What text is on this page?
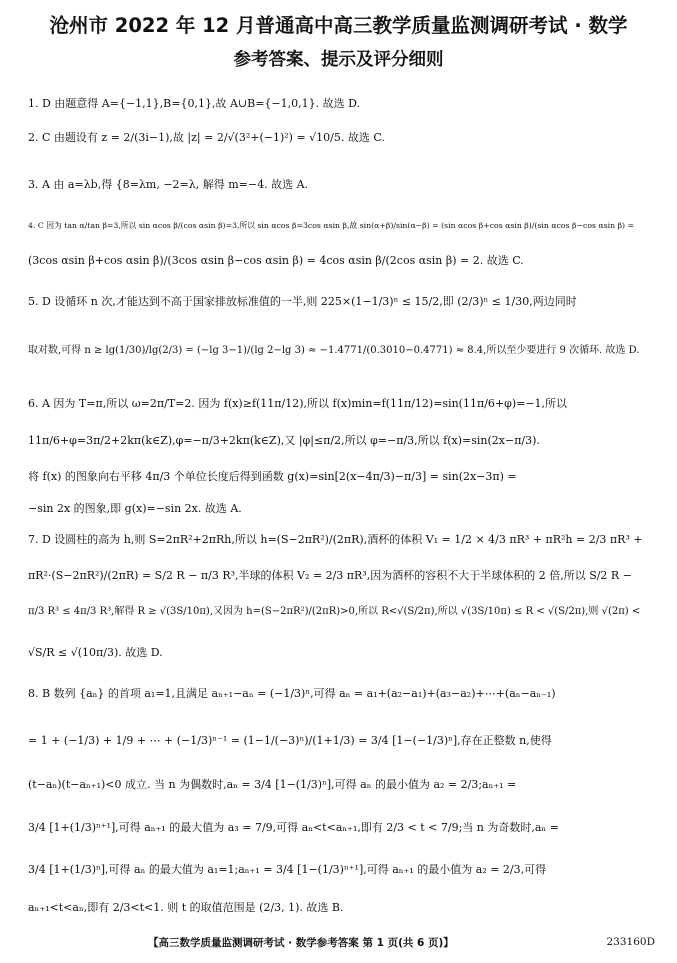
沧州市 2022 年 12 月普通高中高三教学质量监测调研考试 · 数学
参考答案、提示及评分细则
1. D 由题意得 A={−1,1},B={0,1},故 A∪B={−1,0,1}. 故选 D.
2. C 由题设有 z = 2/(3i−1),故 |z| = 2/√(3²+(−1)²) = √10/5. 故选 C.
3. A 由 a=λb,得 {8=λm, −2=λ, 解得 m=−4. 故选 A.
4. C 因为 tan α/tan β=3,所以 sin αcos β/(cos αsin β)=3,所以 sin αcos β=3cos αsin β,故 sin(α+β)/sin(α−β) = (sin αcos β+cos αsin β)/(sin αcos β−cos αsin β) =
(3cos αsin β+cos αsin β)/(3cos αsin β−cos αsin β) = 4cos αsin β/(2cos αsin β) = 2. 故选 C.
5. D 设循环 n 次,才能达到不高于国家排放标准值的一半,则 225×(1−1/3)ⁿ ≤ 15/2,即 (2/3)ⁿ ≤ 1/30,两边同时
取对数,可得 n ≥ lg(1/30)/lg(2/3) = (−lg 3−1)/(lg 2−lg 3) ≈ −1.4771/(0.3010−0.4771) ≈ 8.4,所以至少要进行 9 次循环. 故选 D.
6. A 因为 T=π,所以 ω=2π/T=2. 因为 f(x)≥f(11π/12),所以 f(x)min=f(11π/12)=sin(11π/6+φ)=−1,所以
11π/6+φ=3π/2+2kπ(k∈Z),φ=−π/3+2kπ(k∈Z),又 |φ|≤π/2,所以 φ=−π/3,所以 f(x)=sin(2x−π/3).
将 f(x) 的图象向右平移 4π/3 个单位长度后得到函数 g(x)=sin[2(x−4π/3)−π/3] = sin(2x−3π) =
−sin 2x 的图象,即 g(x)=−sin 2x. 故选 A.
7. D 设圆柱的高为 h,则 S=2πR²+2πRh,所以 h=(S−2πR²)/(2πR),酒杯的体积 V₁ = 1/2 × 4/3 πR³ + πR²h = 2/3 πR³ +
πR²·(S−2πR²)/(2πR) = S/2 R − π/3 R³,半球的体积 V₂ = 2/3 πR³,因为酒杯的容积不大于半球体积的 2 倍,所以 S/2 R −
π/3 R³ ≤ 4π/3 R³,解得 R ≥ √(3S/10π),又因为 h=(S−2πR²)/(2πR)>0,所以 R<√(S/2π),所以 √(3S/10π) ≤ R < √(S/2π),则 √(2π) <
√S/R ≤ √(10π/3). 故选 D.
8. B 数列 {aₙ} 的首项 a₁=1,且满足 aₙ₊₁−aₙ = (−1/3)ⁿ,可得 aₙ = a₁+(a₂−a₁)+(a₃−a₂)+⋯+(aₙ−aₙ₋₁)
= 1 + (−1/3) + 1/9 + ⋯ + (−1/3)ⁿ⁻¹ = (1−1/(−3)ⁿ)/(1+1/3) = 3/4 [1−(−1/3)ⁿ],存在正整数 n,使得
(t−aₙ)(t−aₙ₊₁)<0 成立. 当 n 为偶数时,aₙ = 3/4 [1−(1/3)ⁿ],可得 aₙ 的最小值为 a₂ = 2/3;aₙ₊₁ =
3/4 [1+(1/3)ⁿ⁺¹],可得 aₙ₊₁ 的最大值为 a₃ = 7/9,可得 aₙ<t<aₙ₊₁,即有 2/3 < t < 7/9;当 n 为奇数时,aₙ =
3/4 [1+(1/3)ⁿ],可得 aₙ 的最大值为 a₁=1;aₙ₊₁ = 3/4 [1−(1/3)ⁿ⁺¹],可得 aₙ₊₁ 的最小值为 a₂ = 2/3,可得
aₙ₊₁<t<aₙ,即有 2/3<t<1. 则 t 的取值范围是 (2/3, 1). 故选 B.
【高三数学质量监测调研考试 · 数学参考答案 第 1 页(共 6 页)】	233160D
